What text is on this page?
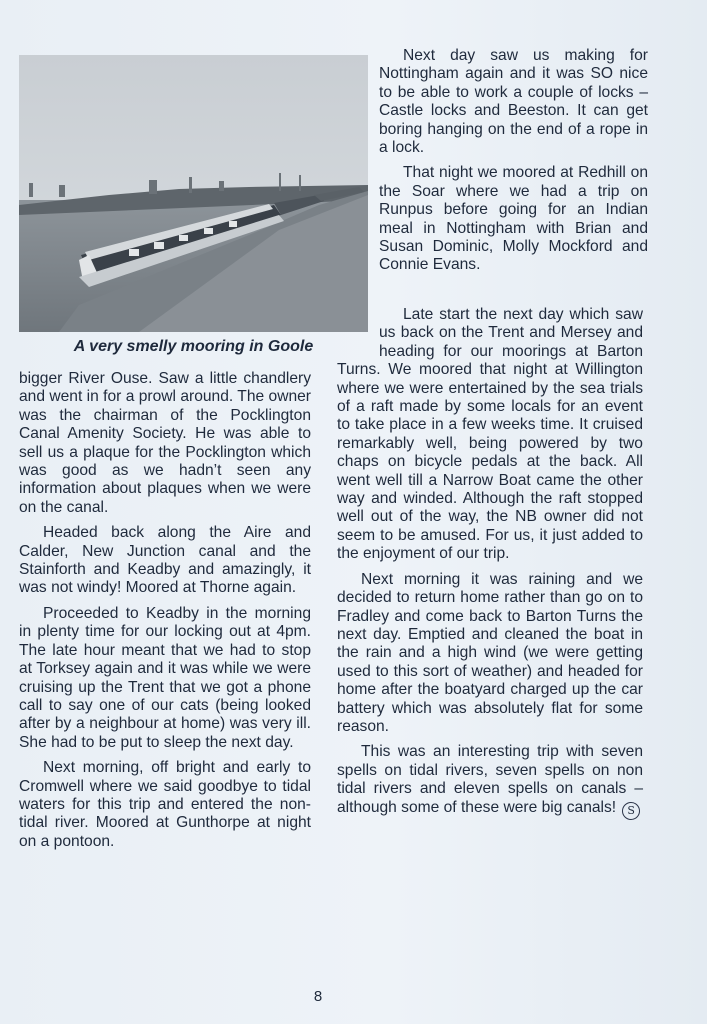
A very smelly mooring in Goole

Next day saw us making for Nottingham again and it was SO nice to be able to work a couple of locks – Castle locks and Beeston. It can get boring hanging on the end of a rope in a lock.

That night we moored at Redhill on the Soar where we had a trip on Runpus before going for an Indian meal in Nottingham with Brian and Susan Dominic, Molly Mockford and Connie Evans.

Late start the next day which saw us back on the Trent and Mersey and heading for our moorings at Barton Turns. We moored that night at Willington where we were entertained by the sea trials of a raft made by some locals for an event to take place in a few weeks time. It cruised remarkably well, being powered by two chaps on bicycle pedals at the back. All went well till a Narrow Boat came the other way and winded. Although the raft stopped well out of the way, the NB owner did not seem to be amused. For us, it just added to the enjoyment of our trip.

Next morning it was raining and we decided to return home rather than go on to Fradley and come back to Barton Turns the next day. Emptied and cleaned the boat in the rain and a high wind (we were getting used to this sort of weather) and headed for home after the boatyard charged up the car battery which was absolutely flat for some reason.

This was an interesting trip with seven spells on tidal rivers, seven spells on non tidal rivers and eleven spells on canals – although some of these were big canals! S

bigger River Ouse. Saw a little chandlery and went in for a prowl around. The owner was the chairman of the Pocklington Canal Amenity Society. He was able to sell us a plaque for the Pocklington which was good as we hadn’t seen any information about plaques when we were on the canal.

Headed back along the Aire and Calder, New Junction canal and the Stainforth and Keadby and amazingly, it was not windy! Moored at Thorne again.

Proceeded to Keadby in the morning in plenty time for our locking out at 4pm. The late hour meant that we had to stop at Torksey again and it was while we were cruising up the Trent that we got a phone call to say one of our cats (being looked after by a neighbour at home) was very ill. She had to be put to sleep the next day.

Next morning, off bright and early to Cromwell where we said goodbye to tidal waters for this trip and entered the non-tidal river. Moored at Gunthorpe at night on a pontoon.

8
